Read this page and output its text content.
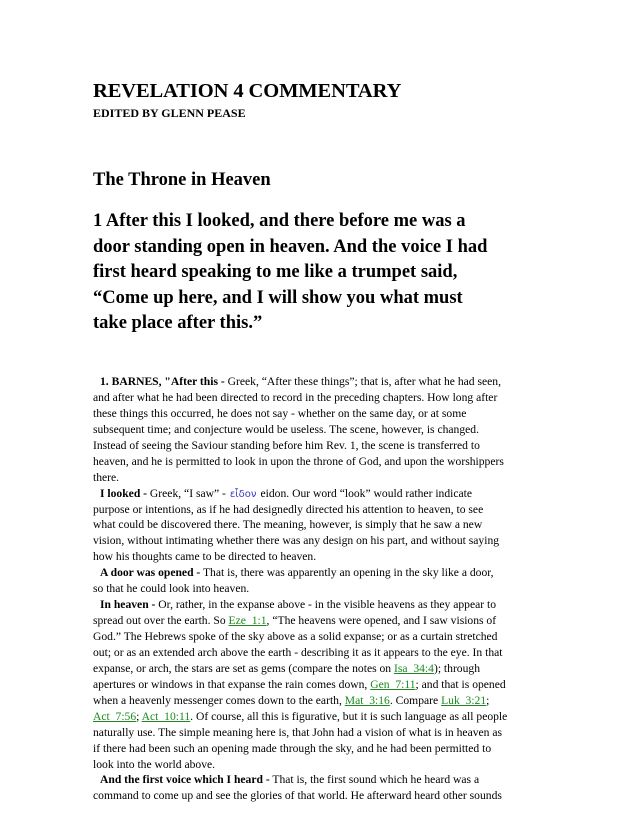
REVELATION 4 COMMENTARY
EDITED BY GLENN PEASE
The Throne in Heaven
1 After this I looked, and there before me was a
door standing open in heaven. And the voice I had
first heard speaking to me like a trumpet said,
“Come up here, and I will show you what must
take place after this.”
1. BARNES, "After this - Greek, “After these things”; that is, after what he had seen,
and after what he had been directed to record in the preceding chapters. How long after
these things this occurred, he does not say - whether on the same day, or at some
subsequent time; and conjecture would be useless. The scene, however, is changed.
Instead of seeing the Saviour standing before him Rev. 1, the scene is transferred to
heaven, and he is permitted to look in upon the throne of God, and upon the worshippers
there.
I looked - Greek, “I saw” - εἶδον eidon. Our word “look” would rather indicate
purpose or intentions, as if he had designedly directed his attention to heaven, to see
what could be discovered there. The meaning, however, is simply that he saw a new
vision, without intimating whether there was any design on his part, and without saying
how his thoughts came to be directed to heaven.
A door was opened - That is, there was apparently an opening in the sky like a door,
so that he could look into heaven.
In heaven - Or, rather, in the expanse above - in the visible heavens as they appear to
spread out over the earth. So Eze_1:1, “The heavens were opened, and I saw visions of
God.” The Hebrews spoke of the sky above as a solid expanse; or as a curtain stretched
out; or as an extended arch above the earth - describing it as it appears to the eye. In that
expanse, or arch, the stars are set as gems (compare the notes on Isa_34:4); through
apertures or windows in that expanse the rain comes down, Gen_7:11; and that is opened
when a heavenly messenger comes down to the earth, Mat_3:16. Compare Luk_3:21;
Act_7:56; Act_10:11. Of course, all this is figurative, but it is such language as all people
naturally use. The simple meaning here is, that John had a vision of what is in heaven as
if there had been such an opening made through the sky, and he had been permitted to
look into the world above.
And the first voice which I heard - That is, the first sound which he heard was a
command to come up and see the glories of that world. He afterward heard other sounds
